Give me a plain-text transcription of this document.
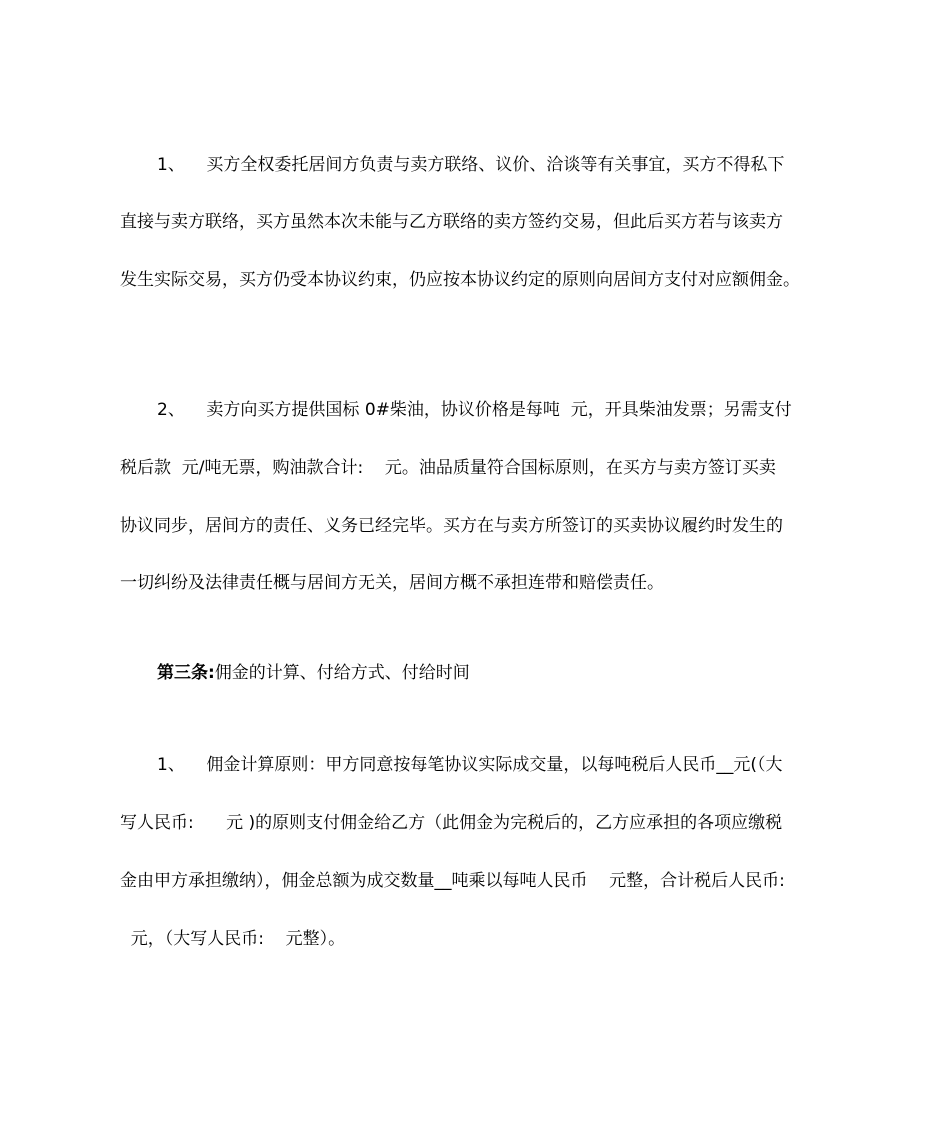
1、    买方全权委托居间方负责与卖方联络、议价、洽谈等有关事宜，买方不得私下
直接与卖方联络，买方虽然本次未能与乙方联络的卖方签约交易，但此后买方若与该卖方
发生实际交易，买方仍受本协议约束，仍应按本协议约定的原则向居间方支付对应额佣金。
2、    卖方向买方提供国标 0#柴油，协议价格是每吨  元，开具柴油发票；另需支付
税后款  元/吨无票，购油款合计:    元。油品质量符合国标原则，在买方与卖方签订买卖
协议同步，居间方的责任、义务已经完毕。买方在与卖方所签订的买卖协议履约时发生的
一切纠纷及法律责任概与居间方无关，居间方概不承担连带和赔偿责任。
第三条:佣金的计算、付给方式、付给时间
1、    佣金计算原则：甲方同意按每笔协议实际成交量，以每吨税后人民币__元(（大
写人民币:      元 )的原则支付佣金给乙方（此佣金为完税后的，乙方应承担的各项应缴税
金由甲方承担缴纳），佣金总额为成交数量__吨乘以每吨人民币    元整，合计税后人民币:
元，（大写人民币:    元整）。
